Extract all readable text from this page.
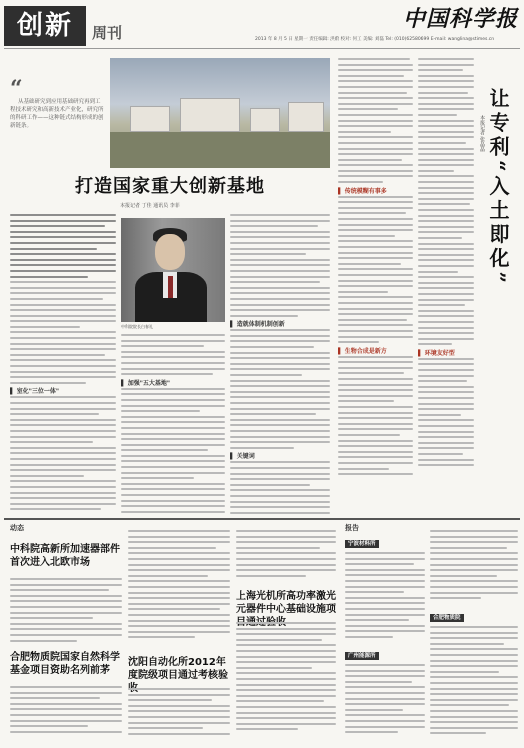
创新	周刊
中国科学报
2013 年 8 月 5 日 星期一 责任编辑: 洪蔚 校对: 何工 美编: 刘磊 Tel: (010)62580699 E-mail: wanglina@stimes.cn
“
从基础研究到应用基础研究再到工程技术研究和高新技术产业化，研究所的科研工作——这种链式结构形成的创新链条。
▌ 传统模糊有事多
▌ 生物合成是新方	▌ 环境友好型
让专利“入土即化”
本报记者 张晶晶
打造国家重大创新基地
本报记者 丁佳 通讯员 李菲
▌ 室化"三位一体"
中科院院长白春礼	▌ 造就体制机制创新
▌ 关键词
▌ 加强"五大基地"
动态	报告
中科院高新所加速器部件首次进入北欧市场
合肥物质院国家自然科学基金项目资助名列前茅
沈阳自动化所2012年度院级项目通过考核验
上海光机所高功率激光元器件中心基础设施项
宁波材料所
广州能源所
合肥物质院
